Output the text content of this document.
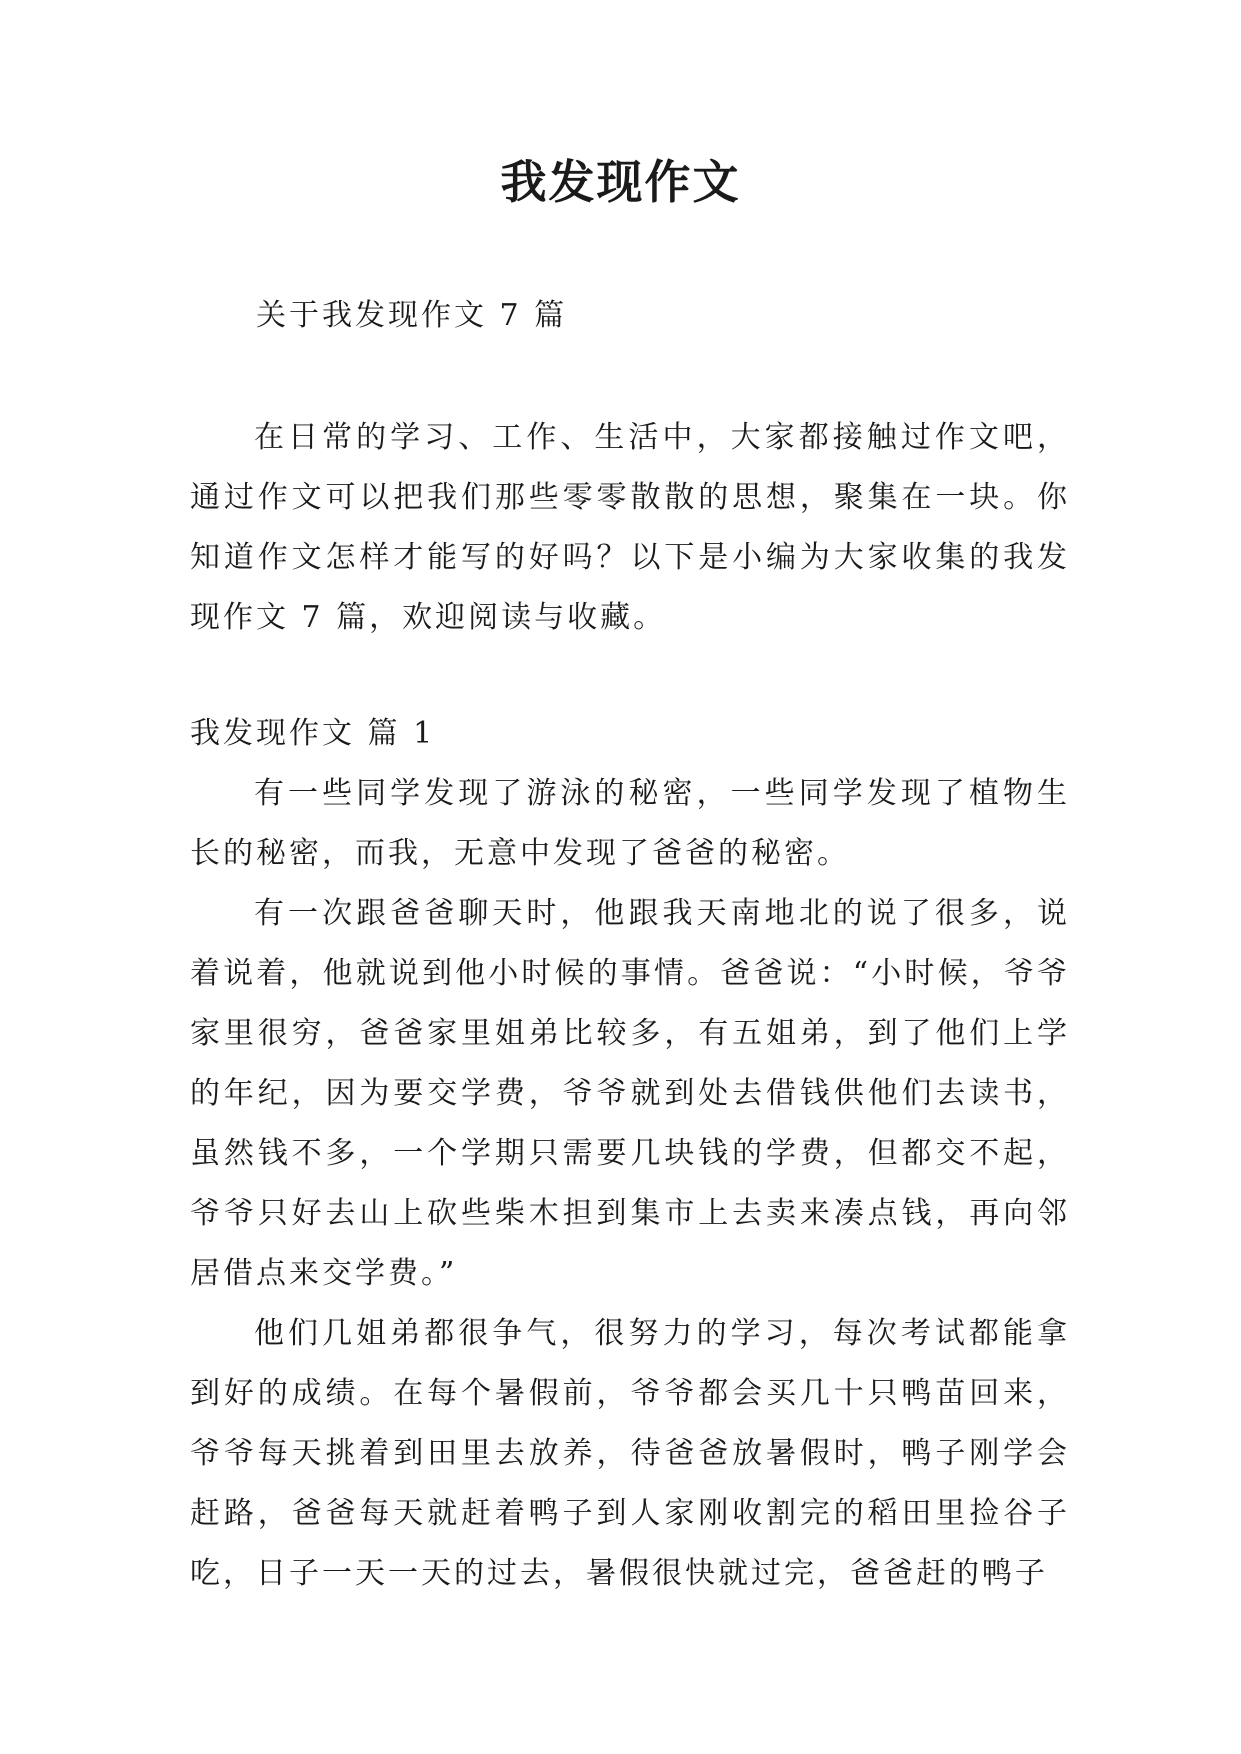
我发现作文

关于我发现作文 7 篇

在日常的学习、工作、生活中，大家都接触过作文吧，通过作文可以把我们那些零零散散的思想，聚集在一块。你知道作文怎样才能写的好吗？以下是小编为大家收集的我发现作文 7 篇，欢迎阅读与收藏。

我发现作文 篇 1

有一些同学发现了游泳的秘密，一些同学发现了植物生长的秘密，而我，无意中发现了爸爸的秘密。

有一次跟爸爸聊天时，他跟我天南地北的说了很多，说着说着，他就说到他小时候的事情。爸爸说：“小时候，爷爷家里很穷，爸爸家里姐弟比较多，有五姐弟，到了他们上学的年纪，因为要交学费，爷爷就到处去借钱供他们去读书，虽然钱不多，一个学期只需要几块钱的学费，但都交不起，爷爷只好去山上砍些柴木担到集市上去卖来凑点钱，再向邻居借点来交学费。”

他们几姐弟都很争气，很努力的学习，每次考试都能拿到好的成绩。在每个暑假前，爷爷都会买几十只鸭苗回来，爷爷每天挑着到田里去放养，待爸爸放暑假时，鸭子刚学会赶路，爸爸每天就赶着鸭子到人家刚收割完的稻田里捡谷子吃，日子一天一天的过去，暑假很快就过完，爸爸赶的鸭子
